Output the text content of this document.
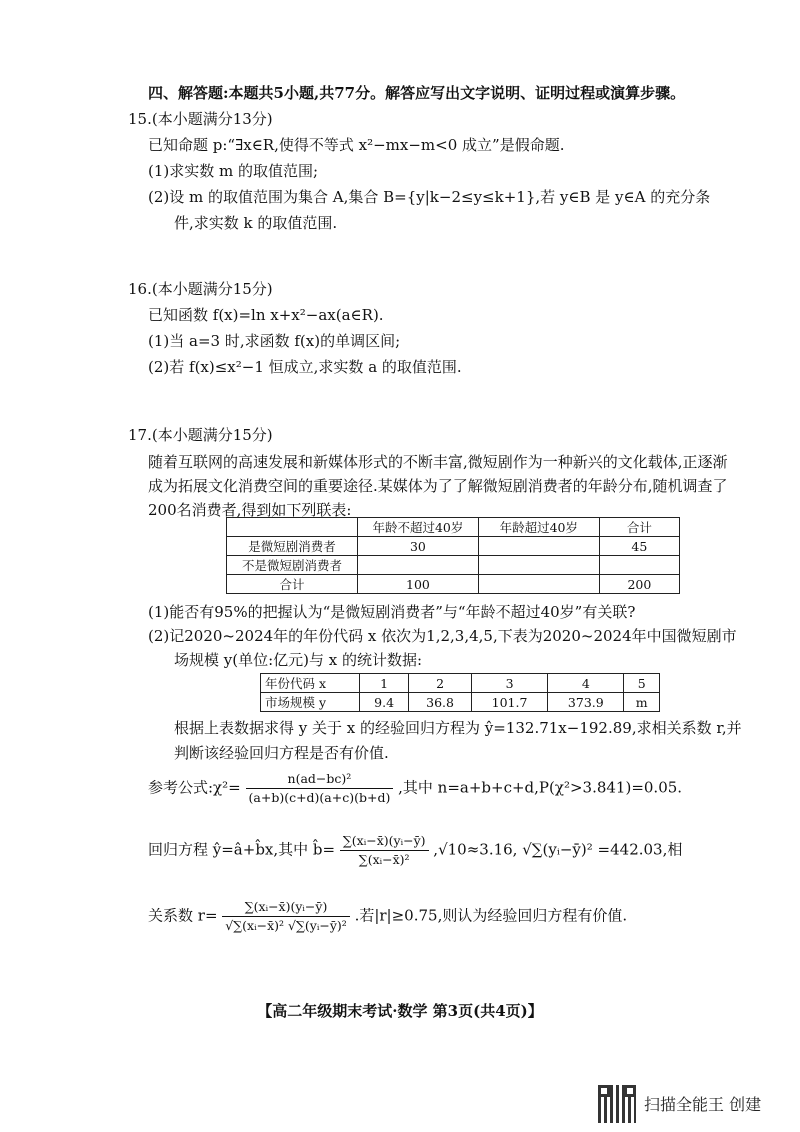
四、解答题:本题共5小题,共77分。解答应写出文字说明、证明过程或演算步骤。
15.(本小题满分13分)
已知命题 p:“∃x∈R,使得不等式 x²−mx−m<0 成立”是假命题.
(1)求实数 m 的取值范围;
(2)设 m 的取值范围为集合 A,集合 B={y|k−2≤y≤k+1},若 y∈B 是 y∈A 的充分条
件,求实数 k 的取值范围.
16.(本小题满分15分)
已知函数 f(x)=ln x+x²−ax(a∈R).
(1)当 a=3 时,求函数 f(x)的单调区间;
(2)若 f(x)≤x²−1 恒成立,求实数 a 的取值范围.
17.(本小题满分15分)
随着互联网的高速发展和新媒体形式的不断丰富,微短剧作为一种新兴的文化载体,正逐渐
成为拓展文化消费空间的重要途径.某媒体为了了解微短剧消费者的年龄分布,随机调查了
200名消费者,得到如下列联表:
	年龄不超过40岁	年龄超过40岁	合计
是微短剧消费者	30		45
不是微短剧消费者			
合计	100		200
(1)能否有95%的把握认为“是微短剧消费者”与“年龄不超过40岁”有关联?
(2)记2020~2024年的年份代码 x 依次为1,2,3,4,5,下表为2020~2024年中国微短剧市
场规模 y(单位:亿元)与 x 的统计数据:
年份代码 x	1	2	3	4	5
市场规模 y	9.4	36.8	101.7	373.9	m
根据上表数据求得 y 关于 x 的经验回归方程为 ŷ=132.71x−192.89,求相关系数 r,并
判断该经验回归方程是否有价值.
参考公式:χ²= $\frac{\text{n(ad−bc)²}}{(a+b)(c+d)(a+c)(b+d)}$ ,其中 n=a+b+c+d,P(χ²>3.841)=0.05.
回归方程 ŷ=â+b̂x,其中 b̂= $\frac{\text{∑(xᵢ−x̄)(yᵢ−ȳ)}}{\text{∑(xᵢ−x̄)²}} ,√10\approx 3.16$, √∑(yᵢ−ȳ)² =442.03,相
关系数 $r= \frac{\text{∑(xᵢ−x̄)(yᵢ−ȳ)}}{\text{√∑(xᵢ−x̄)² √∑(yᵢ−ȳ)²}}$ .若|r|≥0.75,则认为经验回归方程有价值.
【高二年级期末考试·数学 第3页(共4页)】
扫描全能王 创建
